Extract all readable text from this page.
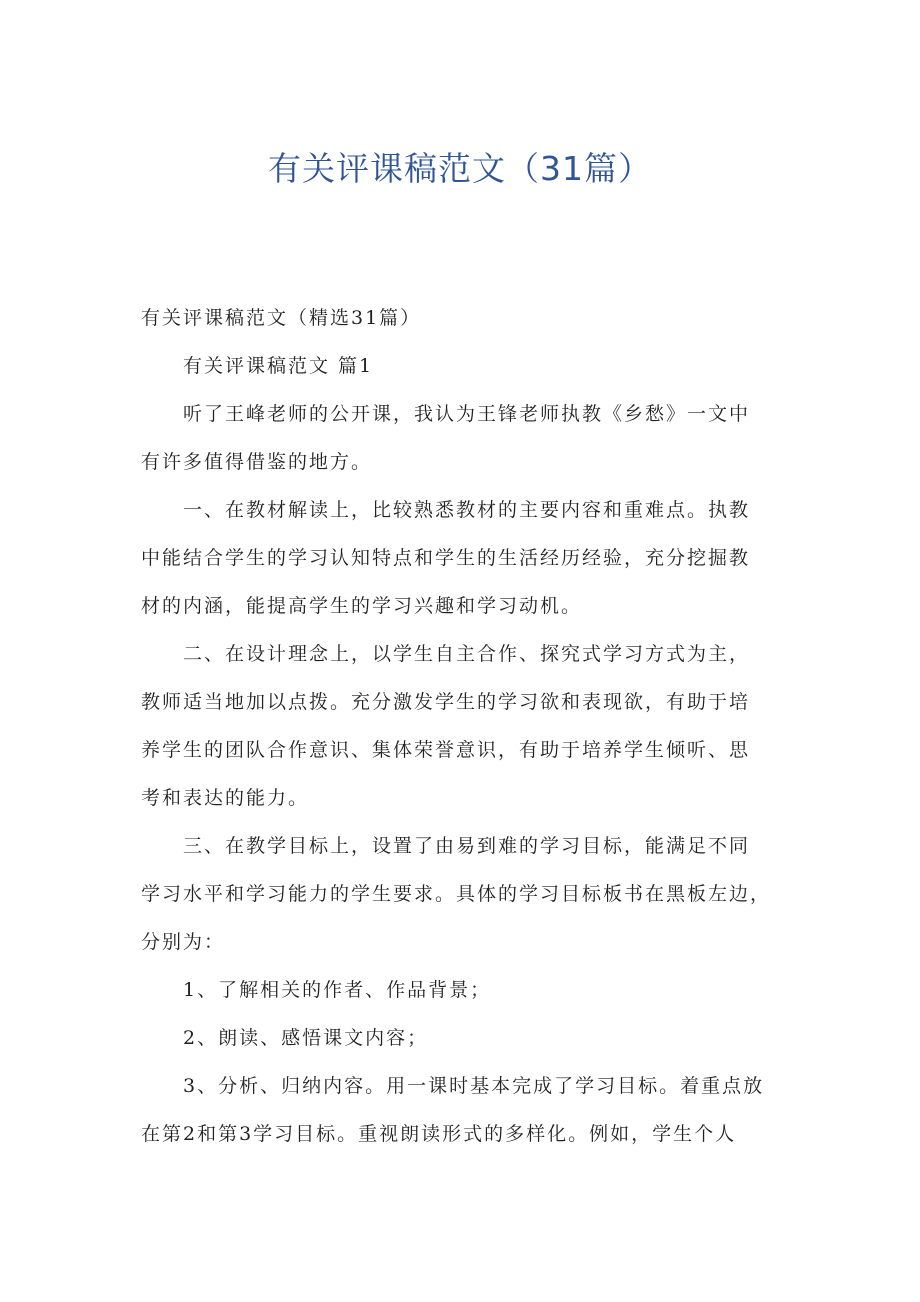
有关评课稿范文（31篇）
有关评课稿范文（精选31篇）
有关评课稿范文 篇1
听了王峰老师的公开课，我认为王锋老师执教《乡愁》一文中
有许多值得借鉴的地方。
一、在教材解读上，比较熟悉教材的主要内容和重难点。执教
中能结合学生的学习认知特点和学生的生活经历经验，充分挖掘教
材的内涵，能提高学生的学习兴趣和学习动机。
二、在设计理念上，以学生自主合作、探究式学习方式为主，
教师适当地加以点拨。充分激发学生的学习欲和表现欲，有助于培
养学生的团队合作意识、集体荣誉意识，有助于培养学生倾听、思
考和表达的能力。
三、在教学目标上，设置了由易到难的学习目标，能满足不同
学习水平和学习能力的学生要求。具体的学习目标板书在黑板左边，
分别为：
1、了解相关的作者、作品背景；
2、朗读、感悟课文内容；
3、分析、归纳内容。用一课时基本完成了学习目标。着重点放
在第2和第3学习目标。重视朗读形式的多样化。例如，学生个人
